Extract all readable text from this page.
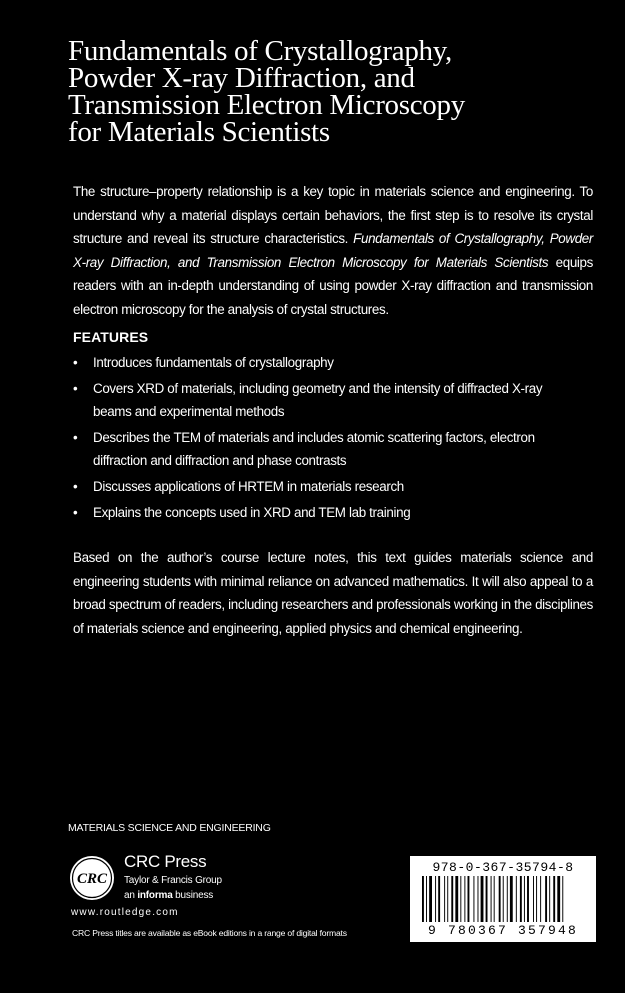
Fundamentals of Crystallography,
Powder X-ray Diffraction, and
Transmission Electron Microscopy
for Materials Scientists

The structure–property relationship is a key topic in materials science and engineering. To understand why a material displays certain behaviors, the first step is to resolve its crystal structure and reveal its structure characteristics. Fundamentals of Crystallography, Powder X-ray Diffraction, and Transmission Electron Microscopy for Materials Scientists equips readers with an in-depth understanding of using powder X-ray diffraction and transmission electron microscopy for the analysis of crystal structures.

FEATURES
• Introduces fundamentals of crystallography
• Covers XRD of materials, including geometry and the intensity of diffracted X-ray beams and experimental methods
• Describes the TEM of materials and includes atomic scattering factors, electron diffraction and diffraction and phase contrasts
• Discusses applications of HRTEM in materials research
• Explains the concepts used in XRD and TEM lab training

Based on the author’s course lecture notes, this text guides materials science and engineering students with minimal reliance on advanced mathematics. It will also appeal to a broad spectrum of readers, including researchers and professionals working in the disciplines of materials science and engineering, applied physics and chemical engineering.

MATERIALS SCIENCE AND ENGINEERING
CRC
CRC Press
Taylor & Francis Group
an informa business
www.routledge.com
CRC Press titles are available as eBook editions in a range of digital formats
978-0-367-35794-8
9 780367 357948
